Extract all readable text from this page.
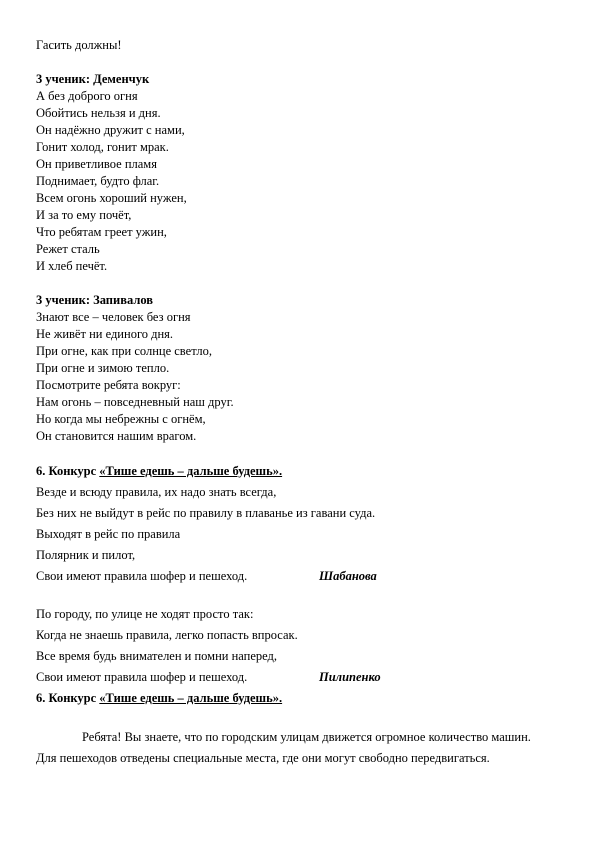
Гасить должны!
3 ученик: Деменчук
А без доброго огня
Обойтись нельзя и дня.
Он надёжно дружит с нами,
Гонит холод, гонит мрак.
Он приветливое пламя
Поднимает, будто флаг.
Всем огонь хороший нужен,
И за то ему почёт,
Что ребятам греет ужин,
Режет сталь
И хлеб печёт.
3 ученик: Запивалов
Знают все – человек без огня
Не живёт ни единого дня.
При огне, как при солнце светло,
При огне и зимою тепло.
Посмотрите ребята вокруг:
Нам огонь – повседневный наш друг.
Но когда мы небрежны с огнём,
Он становится нашим врагом.
6. Конкурс «Тише едешь – дальше будешь».
Везде и всюду правила, их надо знать всегда,
Без них не выйдут в рейс по правилу в плаванье из гавани суда.
Выходят в рейс по правила
Полярник и пилот,
Свои имеют правила шофер и пешеход.	Шабанова
По городу, по улице не ходят просто так:
Когда не знаешь правила, легко попасть впросак.
Все время будь внимателен и помни наперед,
Свои имеют правила шофер и пешеход.	Пилипенко
6. Конкурс «Тише едешь – дальше будешь».
Ребята! Вы знаете, что по городским улицам движется огромное количество машин. Для пешеходов отведены специальные места, где они могут свободно передвигаться.
